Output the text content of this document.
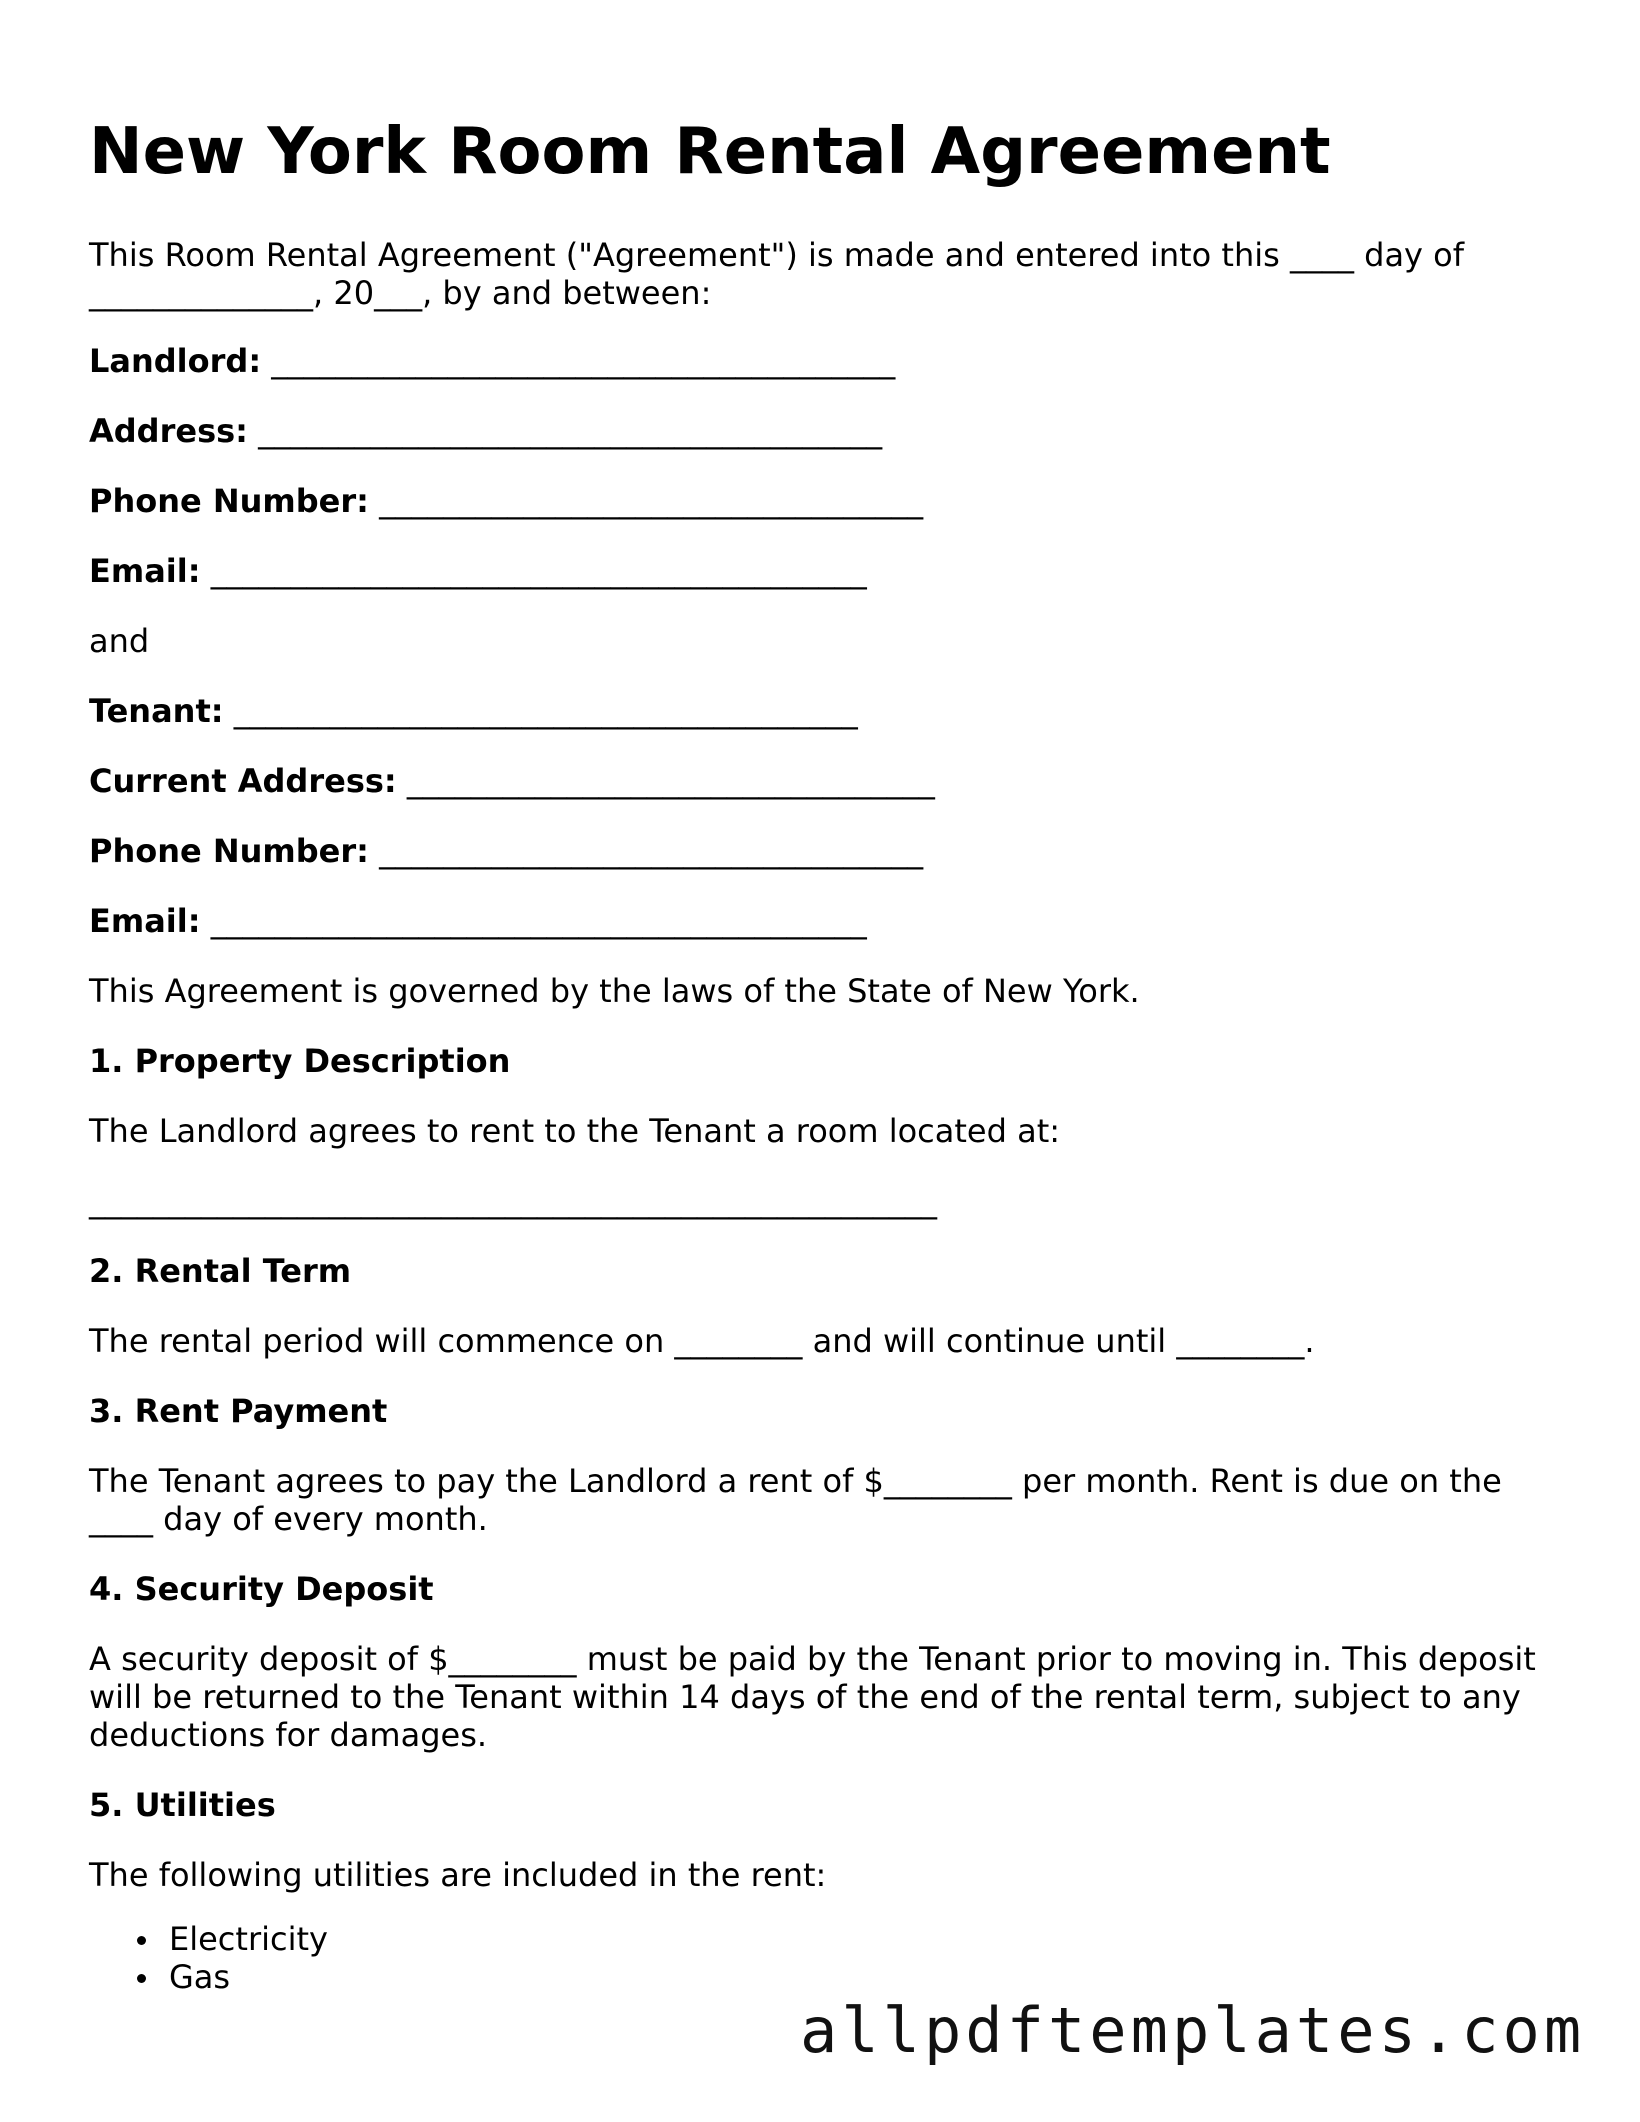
New York Room Rental Agreement

This Room Rental Agreement ("Agreement") is made and entered into this ____ day of

______________, 20___, by and between:

Landlord: _______________________________________

Address: _______________________________________

Phone Number: __________________________________

Email: _________________________________________

and

Tenant: _______________________________________

Current Address: _________________________________

Phone Number: __________________________________

Email: _________________________________________

This Agreement is governed by the laws of the State of New York.

1. Property Description

The Landlord agrees to rent to the Tenant a room located at:

_____________________________________________________

2. Rental Term

The rental period will commence on ________ and will continue until ________.

3. Rent Payment

The Tenant agrees to pay the Landlord a rent of $________ per month. Rent is due on the

____ day of every month.

4. Security Deposit

A security deposit of $________ must be paid by the Tenant prior to moving in. This deposit

will be returned to the Tenant within 14 days of the end of the rental term, subject to any

deductions for damages.

5. Utilities

The following utilities are included in the rent:

Electricity
Gas
allpdftemplates.com
